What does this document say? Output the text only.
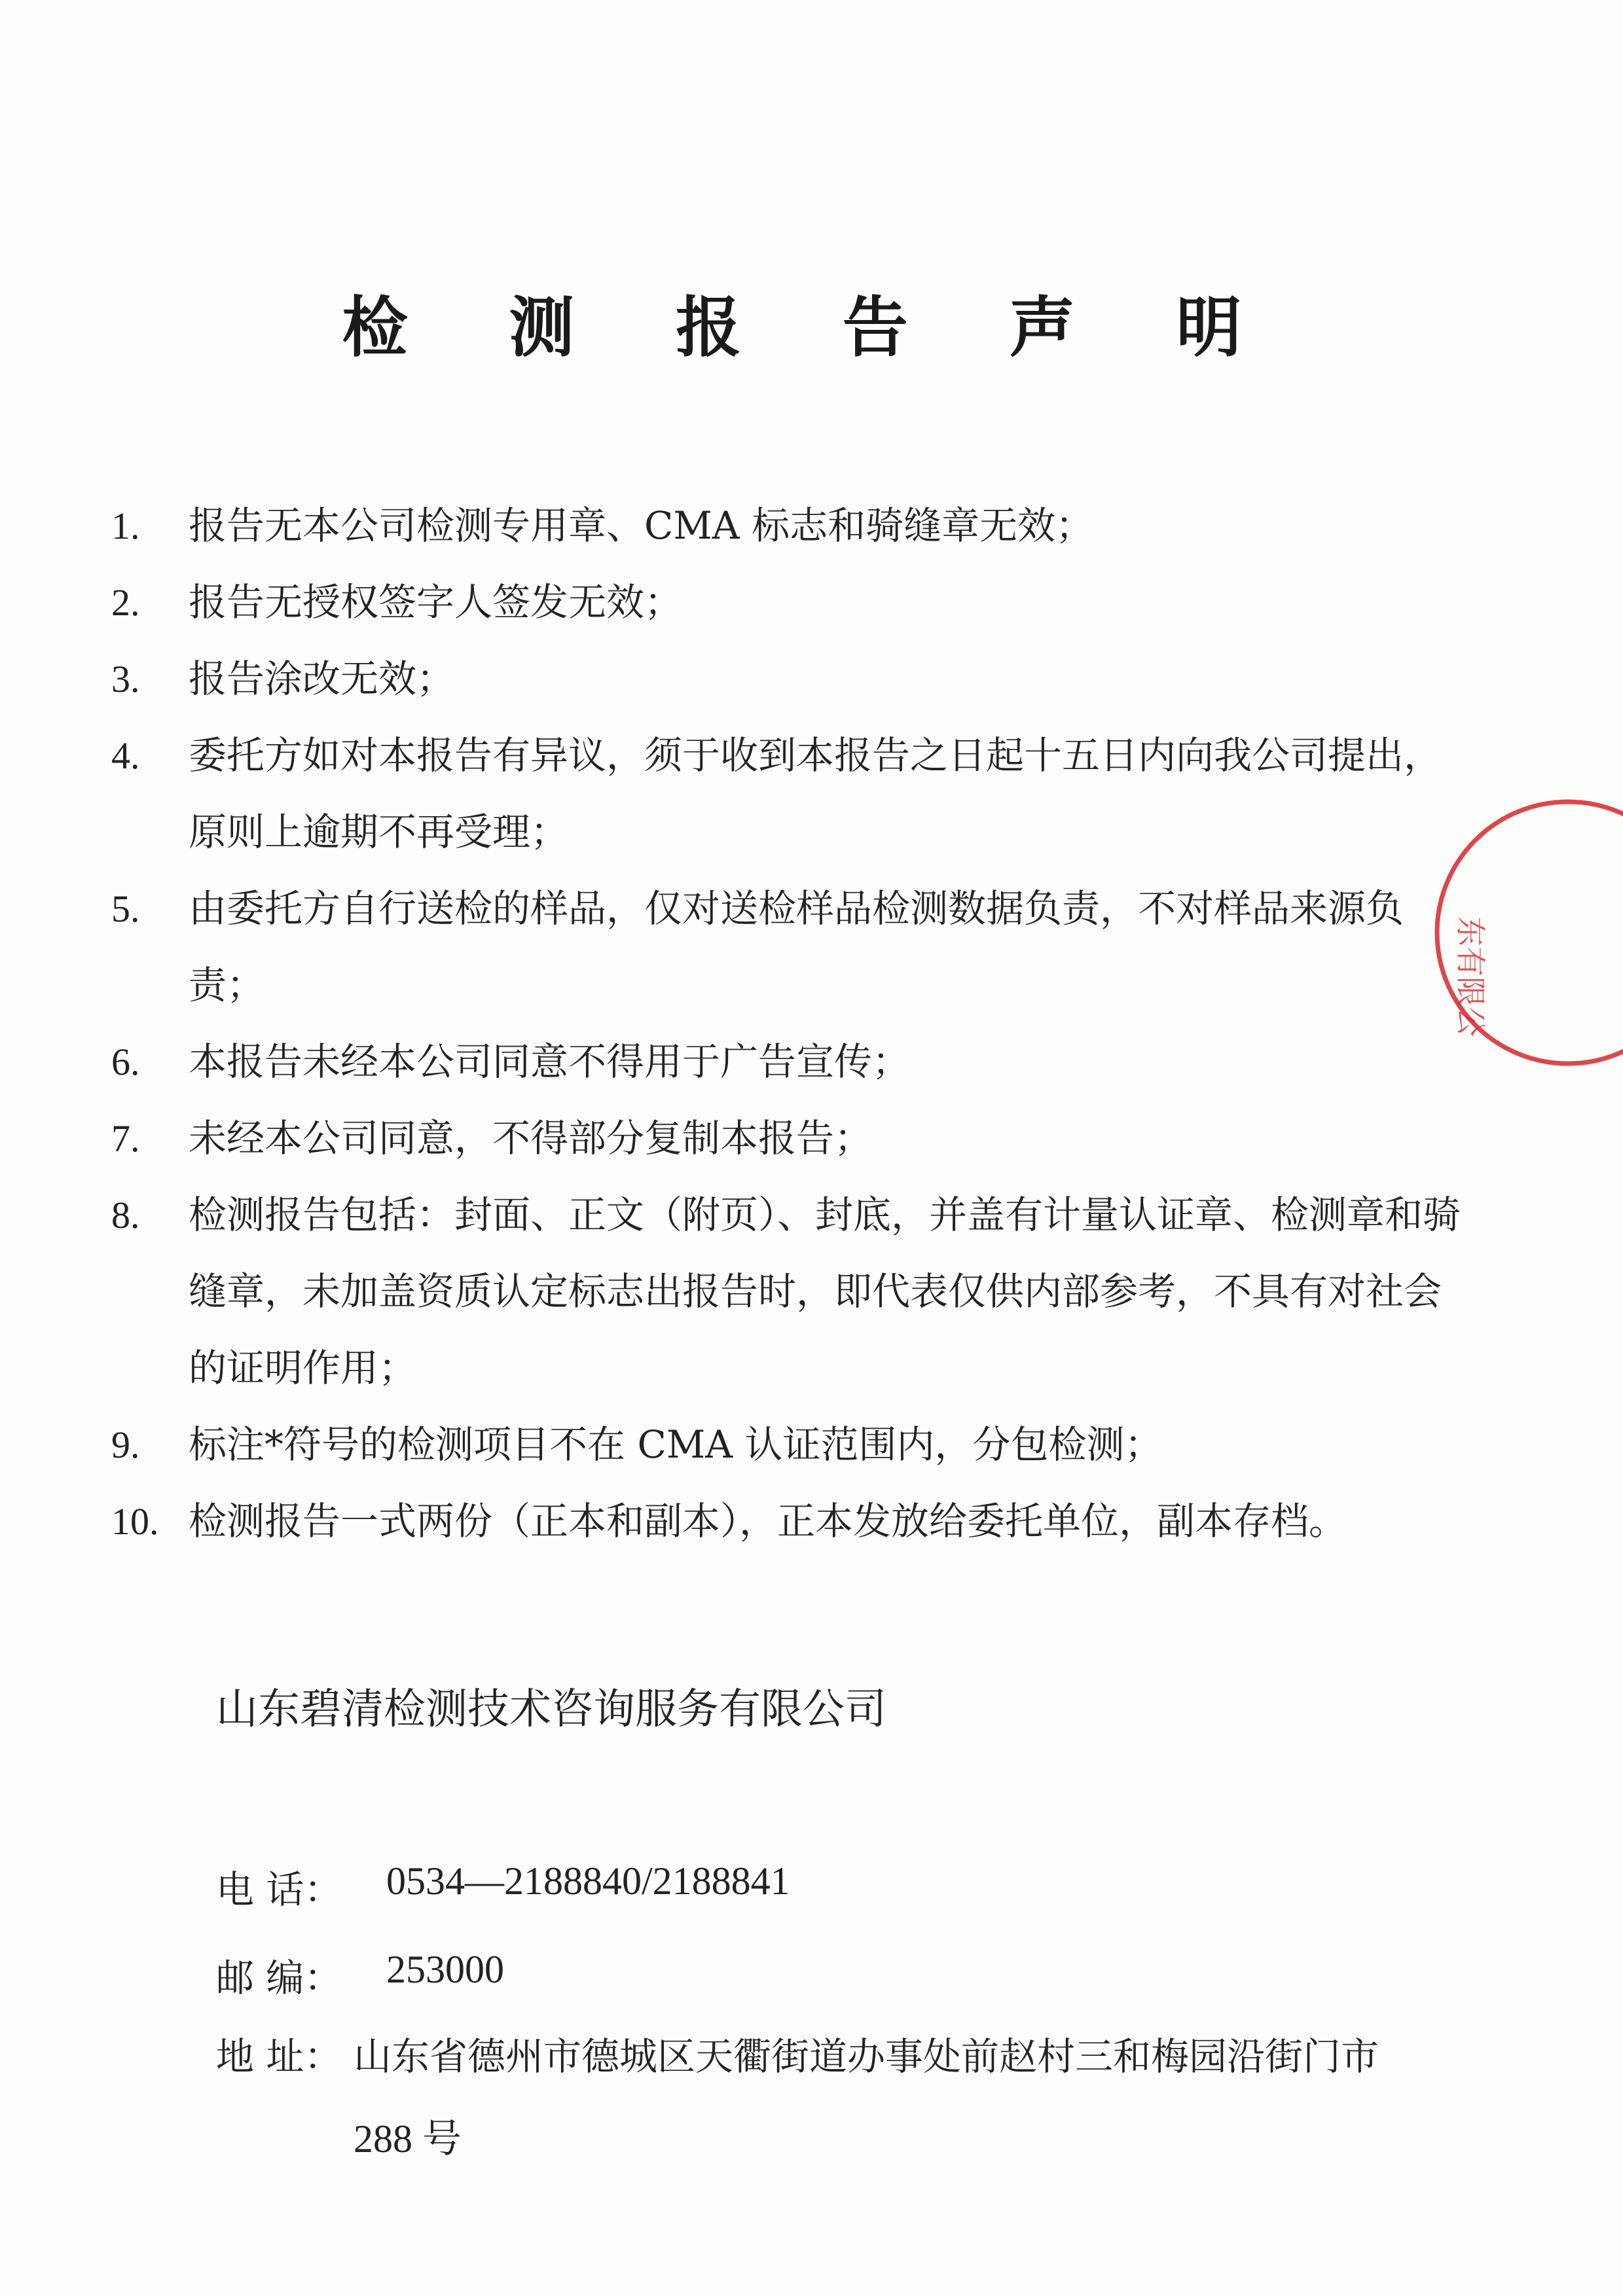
检 测 报 告 声 明
1.	报告无本公司检测专用章、CMA 标志和骑缝章无效；
2.	报告无授权签字人签发无效；
3.	报告涂改无效；
4.	委托方如对本报告有异议，须于收到本报告之日起十五日内向我公司提出，原则上逾期不再受理；
5.	由委托方自行送检的样品，仅对送检样品检测数据负责，不对样品来源负责；
6.	本报告未经本公司同意不得用于广告宣传；
7.	未经本公司同意，不得部分复制本报告；
8.	检测报告包括：封面、正文（附页）、封底，并盖有计量认证章、检测章和骑缝章，未加盖资质认定标志出报告时，即代表仅供内部参考，不具有对社会的证明作用；
9.	标注*符号的检测项目不在 CMA 认证范围内，分包检测；
10. 检测报告一式两份（正本和副本），正本发放给委托单位，副本存档。
山东碧清检测技术咨询服务有限公司
电 话：	0534—2188840/2188841
邮 编：	253000
地 址： 山东省德州市德城区天衢街道办事处前赵村三和梅园沿街门市
288 号
东有限公
